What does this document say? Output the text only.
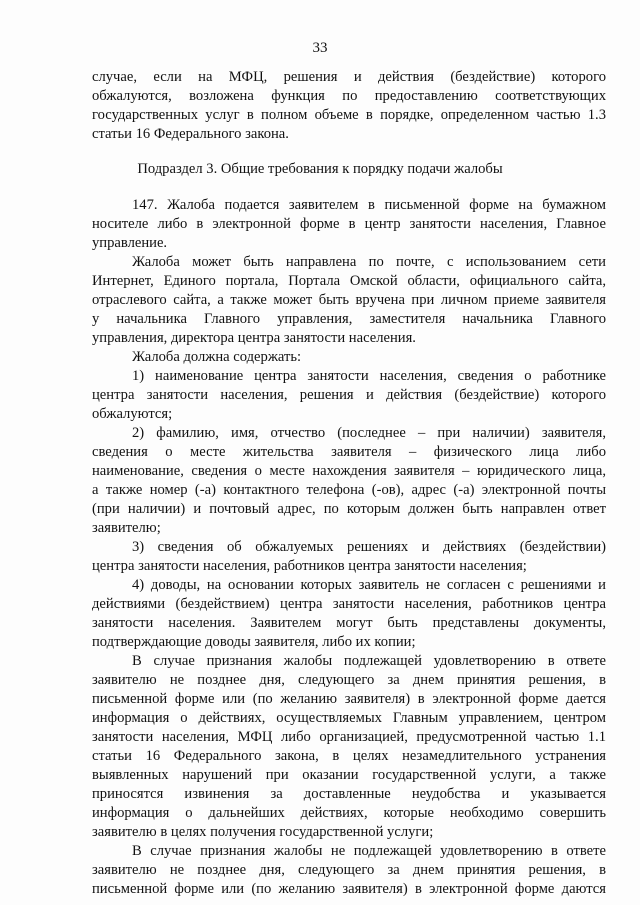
33
случае, если на МФЦ, решения и действия (бездействие) которого
обжалуются, возложена функция по предоставлению соответствующих
государственных услуг в полном объеме в порядке, определенном частью 1.3
статьи 16 Федерального закона.
Подраздел 3. Общие требования к порядку подачи жалобы
147. Жалоба подается заявителем в письменной форме на бумажном
носителе либо в электронной форме в центр занятости населения, Главное
управление.
Жалоба может быть направлена по почте, с использованием сети
Интернет, Единого портала, Портала Омской области, официального сайта,
отраслевого сайта, а также может быть вручена при личном приеме заявителя
у начальника Главного управления, заместителя начальника Главного
управления, директора центра занятости населения.
Жалоба должна содержать:
1) наименование центра занятости населения, сведения о работнике
центра занятости населения, решения и действия (бездействие) которого
обжалуются;
2) фамилию, имя, отчество (последнее – при наличии) заявителя,
сведения о месте жительства заявителя – физического лица либо
наименование, сведения о месте нахождения заявителя – юридического лица,
а также номер (-а) контактного телефона (-ов), адрес (-а) электронной почты
(при наличии) и почтовый адрес, по которым должен быть направлен ответ
заявителю;
3) сведения об обжалуемых решениях и действиях (бездействии)
центра занятости населения, работников центра занятости населения;
4) доводы, на основании которых заявитель не согласен с решениями и
действиями (бездействием) центра занятости населения, работников центра
занятости населения. Заявителем могут быть представлены документы,
подтверждающие доводы заявителя, либо их копии;
В случае признания жалобы подлежащей удовлетворению в ответе
заявителю не позднее дня, следующего за днем принятия решения, в
письменной форме или (по желанию заявителя) в электронной форме дается
информация о действиях, осуществляемых Главным управлением, центром
занятости населения, МФЦ либо организацией, предусмотренной частью 1.1
статьи 16 Федерального закона, в целях незамедлительного устранения
выявленных нарушений при оказании государственной услуги, а также
приносятся извинения за доставленные неудобства и указывается
информация о дальнейших действиях, которые необходимо совершить
заявителю в целях получения государственной услуги;
В случае признания жалобы не подлежащей удовлетворению в ответе
заявителю не позднее дня, следующего за днем принятия решения, в
письменной форме или (по желанию заявителя) в электронной форме даются
